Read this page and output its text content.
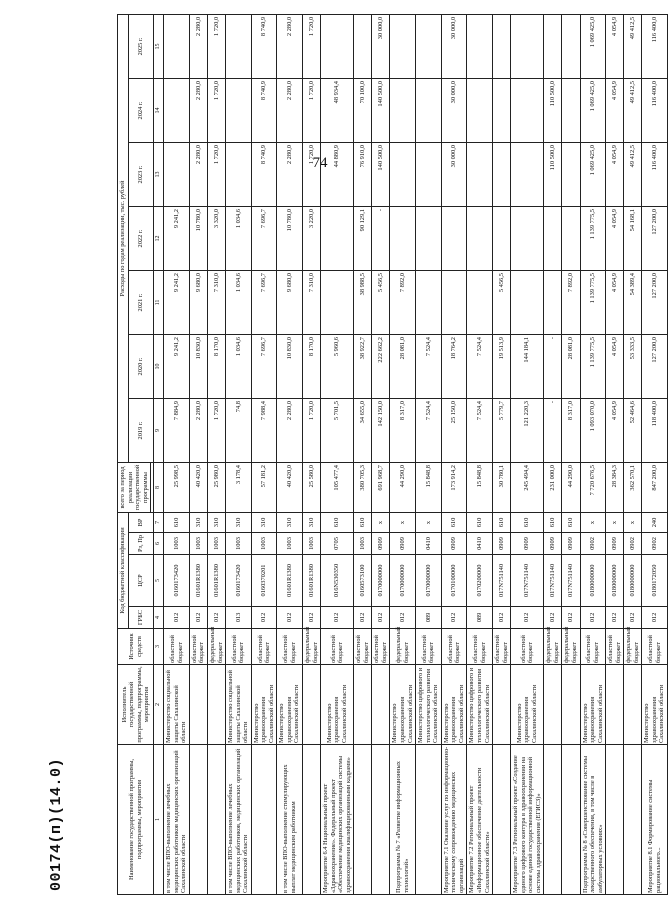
74
00174(п)(14.0)	Наименование государственной программы, подпрограммы, мероприятия	Исполнитель государственной программы, подпрограммы, мероприятия	Источник средств	Код бюджетной классификации				всего за период реализации государственной программы	Расходы по годам реализации, тыс. рублей						
			ГРБС	ЦСР	Рз, Пр	ВР		2019 г.	2020 г.	2021 г.	2022 г.	2023 г.	2024 г.	2025 г.

1	2	3	4	5	6	7	8	9	10	11	12	13	14	15
в том числе ВПО-выполнение лечебных медицинских работников медицинских организаций Сахалинской области	Министерство социальной защиты Сахалинской области	областной бюджет	012	0160173420	1003	610	25 998,5	7 884,9	9 241,2	9 241,2	9 241,2			
		областной бюджет	012	01601R1380	1003	310	40 420,0	2 280,0	10 830,0	9 680,0	10 780,0	2 280,0	2 280,0	2 280,0
		федеральный бюджет	012	01601R1380	1003	310	25 980,0	1 720,0	8 170,0	7 310,0	3 320,0	1 720,0	1 720,0	1 720,0
в том числе ВПО-выполнение лечебных медицинских работников, медицинских организаций Сахалинской области	Министерство социальной защиты Сахалинской области	областной бюджет	013	0160173420	1003	310	3 178,4	74,8	1 034,6	1 034,6	1 034,6			
	Министерство здравоохранения Сахалинской области	областной бюджет	012	0160370201	1003	310	57 181,2	7 988,4	7 696,7	7 696,7	7 696,7	8 740,9	8 740,9	8 740,9
в том числе ВПО-выполнение стимулирующих выплат медицинским работникам	Министерство здравоохранения Сахалинской области	областной бюджет	012	01601R1380	1003	310	40 420,0	2 280,0	10 830,0	9 680,0	10 780,0	2 280,0	2 280,0	2 280,0
		федеральный бюджет	012	01601R1380	1003	310	25 580,0	1 720,0	8 170,0	7 310,0	3 220,0	1 720,0	1 720,0	1 720,0
Мероприятие 6.4 Национальный проект «Здравоохранение». Федеральный проект «Обеспечение медицинских организаций системы здравоохранения квалифицированными кадрами»	Министерство здравоохранения Сахалинской области	областной бюджет	012	016N530350	0705	610	105 477,4	5 701,5	5 960,6			44 880,9	48 934,4	
		областной бюджет	012	0160573100	1003	610	380 705,3	34 655,0	38 922,7	38 988,5	90 129,1	76 910,0	70 100,0	
		областной бюджет	012	0170000000	0909	x	691 968,7	142 150,0	222 662,2	5 456,5	-	140 500,0	140 500,0	30 000,0
Подпрограмма № 7 «Развитие информационных технологий»	Министерство здравоохранения Сахалинской области	федеральный бюджет	012	0170000000	0909	x	44 290,0	8 317,0	28 081,0	7 892,0				
	Министерство цифрового и технологического развития Сахалинской области	областной бюджет	089	0170000000	0410	x	15 848,8	7 524,4	7 524,4					
Мероприятие 7.1 Оказание услуг по информационно-техническому сопровождению медицинских организаций	Министерство здравоохранения Сахалинской области	областной бюджет	012	0170100000	0909	610	173 914,2	25 150,0	18 764,2			30 000,0	30 000,0	30 000,0
Мероприятие 7.2 Региональный проект «Информационное обеспечение деятельности Сахалинской области»	Министерство цифрового и технологического развития Сахалинской области	областной бюджет	089	0170200000	0410	610	15 848,8	7 524,4	7 524,4					
		областной бюджет	012	017N751140	0909	610	30 780,1	5 779,7	19 513,9	5 456,5				
Мероприятие 7.3 Региональный проект «Создание единого цифрового контура в здравоохранении на основе единой государственной информационной системы здравоохранения (ЕГИСЗ)»	Министерство здравоохранения Сахалинской области	областной бюджет	012	017N751140	0909	610	245 494,4	121 220,3	144 184,1					
		федеральный бюджет	012	017N751140	0909	610	231 000,0	-	-			110 500,0	110 500,0	
		федеральный бюджет	012	017N751140	0909	610	44 290,0	8 317,0	28 081,0	7 892,0				
Подпрограмма № 8 «Совершенствование системы лекарственного обеспечения, в том числе в амбулаторных условиях»	Министерство здравоохранения Сахалинской области	областной бюджет	012	0180000000	0902	x	7 720 676,5	1 093 070,0	1 139 775,5	1 139 775,5	1 139 775,5	1 069 425,0	1 069 425,0	1 069 425,0
		областной бюджет	012	0180000000	0909	x	28 384,3	4 054,9	4 054,9	4 054,9	4 054,9	4 054,9	4 054,9	4 054,9
		федеральный бюджет	012	0180000000	0902	x	362 570,1	52 464,6	53 333,5	54 389,4	54 168,1	49 412,5	49 412,5	49 412,5
Мероприятие 8.1 Формирование системы рационального...	Министерство здравоохранения Сахалинской области	областной бюджет	012	0180172050	0902	240	847 200,0	118 400,0	127 200,0	127 200,0	127 200,0	116 400,0	116 400,0	116 400,0
